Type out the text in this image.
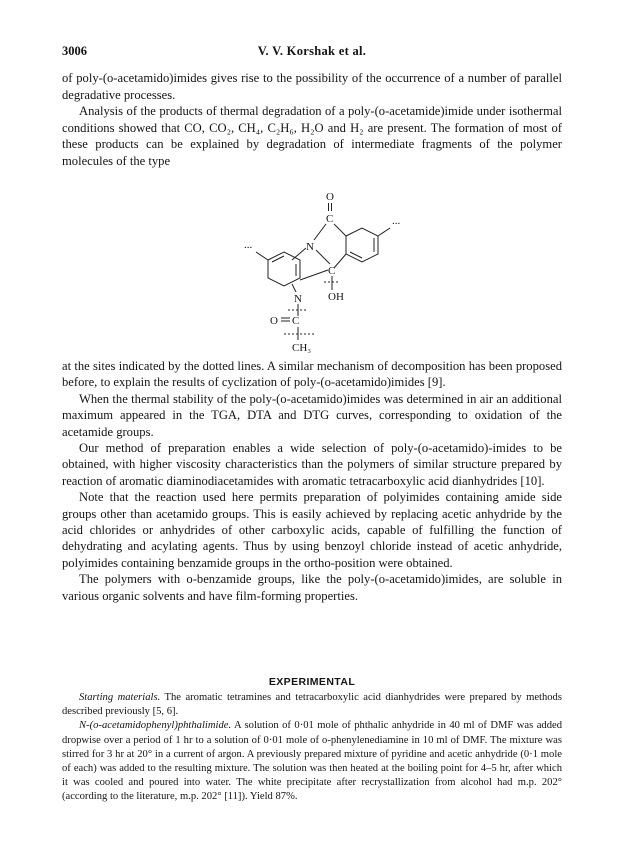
3006	V. V. Korshak et al.

of poly-(o-acetamido)imides gives rise to the possibility of the occurrence of a number of parallel degradative processes.

Analysis of the products of thermal degradation of a poly-(o-acetamide)imide under isothermal conditions showed that CO, CO₂, CH₄, C₂H₆, H₂O and H₂ are present. The formation of most of these products can be explained by degradation of intermediate fragments of the polymer molecules of the type

O
C	...
N
...
C
OH
N
O C
CH₃

at the sites indicated by the dotted lines. A similar mechanism of decomposition has been proposed before, to explain the results of cyclization of poly-(o-acetamido)imides [9].

When the thermal stability of the poly-(o-acetamido)imides was determined in air an additional maximum appeared in the TGA, DTA and DTG curves, corresponding to oxidation of the acetamide groups.

Our method of preparation enables a wide selection of poly-(o-acetamido)-imides to be obtained, with higher viscosity characteristics than the polymers of similar structure prepared by reaction of aromatic diaminodiacetamides with aromatic tetracarboxylic acid dianhydrides [10].

Note that the reaction used here permits preparation of polyimides containing amide side groups other than acetamido groups. This is easily achieved by replacing acetic anhydride by the acid chlorides or anhydrides of other carboxylic acids, capable of fulfilling the function of dehydrating and acylating agents. Thus by using benzoyl chloride instead of acetic anhydride, polyimides containing benzamide groups in the ortho-position were obtained.

The polymers with o-benzamide groups, like the poly-(o-acetamido)imides, are soluble in various organic solvents and have film-forming properties.

EXPERIMENTAL

Starting materials. The aromatic tetramines and tetracarboxylic acid dianhydrides were prepared by methods described previously [5, 6].

N-(o-acetamidophenyl)phthalimide. A solution of 0·01 mole of phthalic anhydride in 40 ml of DMF was added dropwise over a period of 1 hr to a solution of 0·01 mole of o-phenylenediamine in 10 ml of DMF. The mixture was stirred for 3 hr at 20° in a current of argon. A previously prepared mixture of pyridine and acetic anhydride (0·1 mole of each) was added to the resulting mixture. The solution was then heated at the boiling point for 4–5 hr, after which it was cooled and poured into water. The white precipitate after recrystallization from alcohol had m.p. 202° (according to the literature, m.p. 202° [11]). Yield 87%.
